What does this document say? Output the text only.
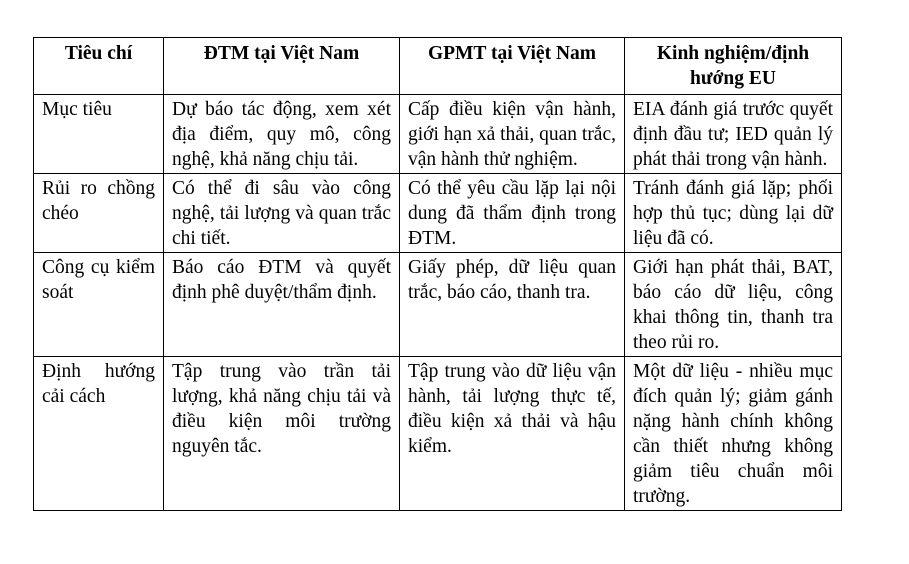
Tiêu chí	ĐTM tại Việt Nam	GPMT tại Việt Nam	Kinh nghiệm/định hướng EU
Mục tiêu	Dự báo tác động, xem xét địa điểm, quy mô, công nghệ, khả năng chịu tải.	Cấp điều kiện vận hành, giới hạn xả thải, quan trắc, vận hành thử nghiệm.	EIA đánh giá trước quyết định đầu tư; IED quản lý phát thải trong vận hành.
Rủi ro chồng chéo	Có thể đi sâu vào công nghệ, tải lượng và quan trắc chi tiết.	Có thể yêu cầu lặp lại nội dung đã thẩm định trong ĐTM.	Tránh đánh giá lặp; phối hợp thủ tục; dùng lại dữ liệu đã có.
Công cụ kiểm soát	Báo cáo ĐTM và quyết định phê duyệt/thẩm định.	Giấy phép, dữ liệu quan trắc, báo cáo, thanh tra.	Giới hạn phát thải, BAT, báo cáo dữ liệu, công khai thông tin, thanh tra theo rủi ro.
Định hướng cải cách	Tập trung vào trần tải lượng, khả năng chịu tải và điều kiện môi trường nguyên tắc.	Tập trung vào dữ liệu vận hành, tải lượng thực tế, điều kiện xả thải và hậu kiểm.	Một dữ liệu - nhiều mục đích quản lý; giảm gánh nặng hành chính không cần thiết nhưng không giảm tiêu chuẩn môi trường.
